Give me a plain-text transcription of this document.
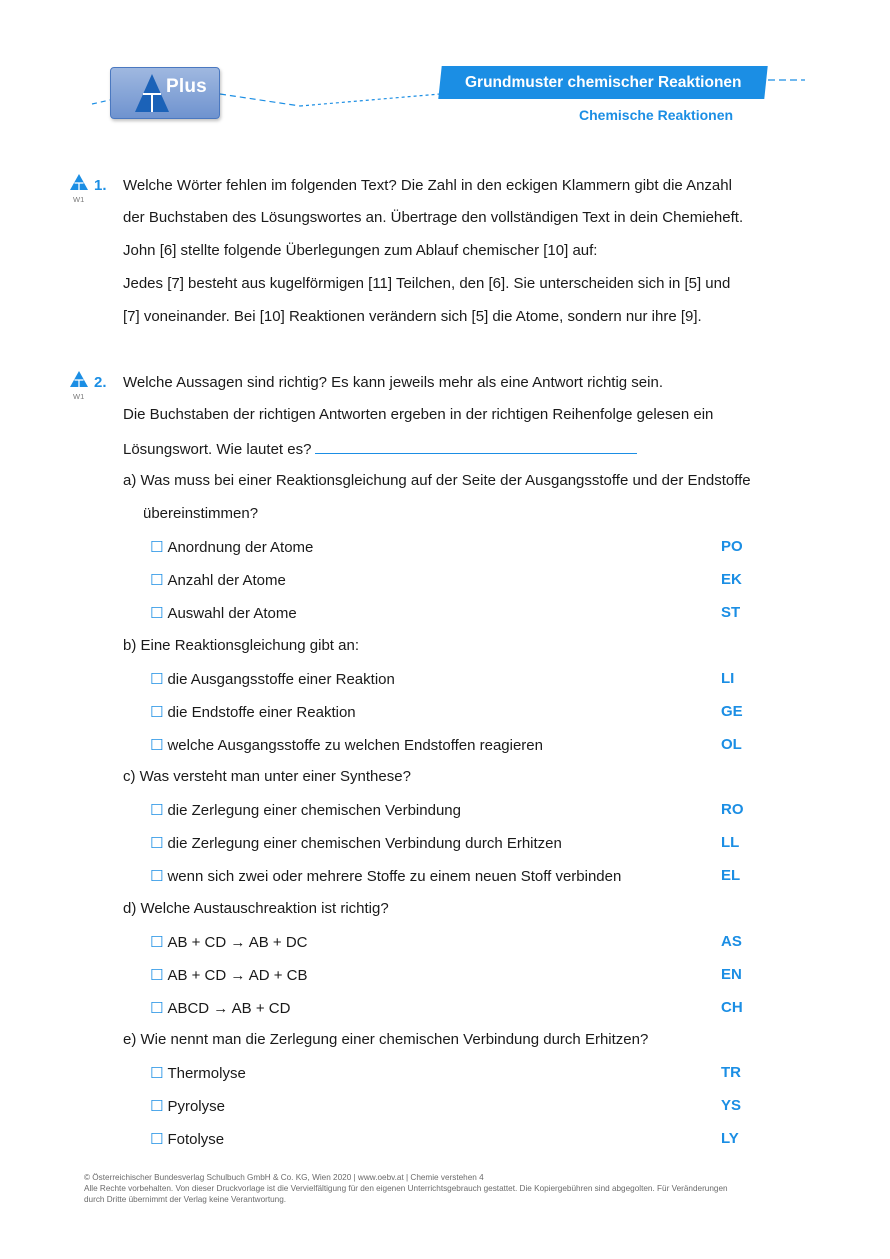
Plus	Grundmuster chemischer Reaktionen
Chemische Reaktionen
1.
W1
Welche Wörter fehlen im folgenden Text? Die Zahl in den eckigen Klammern gibt die Anzahl
der Buchstaben des Lösungswortes an. Übertrage den vollständigen Text in dein Chemieheft.
John [6] stellte folgende Überlegungen zum Ablauf chemischer [10] auf:
Jedes [7] besteht aus kugelförmigen [11] Teilchen, den [6]. Sie unterscheiden sich in [5] und
[7] voneinander. Bei [10] Reaktionen verändern sich [5] die Atome, sondern nur ihre [9].
2.
W1
Welche Aussagen sind richtig? Es kann jeweils mehr als eine Antwort richtig sein.
Die Buchstaben der richtigen Antworten ergeben in der richtigen Reihenfolge gelesen ein
Lösungswort. Wie lautet es?
a) Was muss bei einer Reaktionsgleichung auf der Seite der Ausgangsstoffe und der Endstoffe
übereinstimmen?
☐ Anordnung der Atome	PO
☐ Anzahl der Atome	EK
☐ Auswahl der Atome	ST
b) Eine Reaktionsgleichung gibt an:
☐ die Ausgangsstoffe einer Reaktion	LI
☐ die Endstoffe einer Reaktion	GE
☐ welche Ausgangsstoffe zu welchen Endstoffen reagieren	OL
c) Was versteht man unter einer Synthese?
☐ die Zerlegung einer chemischen Verbindung	RO
☐ die Zerlegung einer chemischen Verbindung durch Erhitzen	LL
☐ wenn sich zwei oder mehrere Stoffe zu einem neuen Stoff verbinden	EL
d) Welche Austauschreaktion ist richtig?
☐ AB + CD → AB + DC	AS
☐ AB + CD → AD + CB	EN
☐ ABCD → AB + CD	CH
e) Wie nennt man die Zerlegung einer chemischen Verbindung durch Erhitzen?
☐ Thermolyse	TR
☐ Pyrolyse	YS
☐ Fotolyse	LY
© Österreichischer Bundesverlag Schulbuch GmbH & Co. KG, Wien 2020 | www.oebv.at | Chemie verstehen 4
Alle Rechte vorbehalten. Von dieser Druckvorlage ist die Vervielfältigung für den eigenen Unterrichtsgebrauch gestattet. Die Kopiergebühren sind abgegolten. Für Veränderungen
durch Dritte übernimmt der Verlag keine Verantwortung.
